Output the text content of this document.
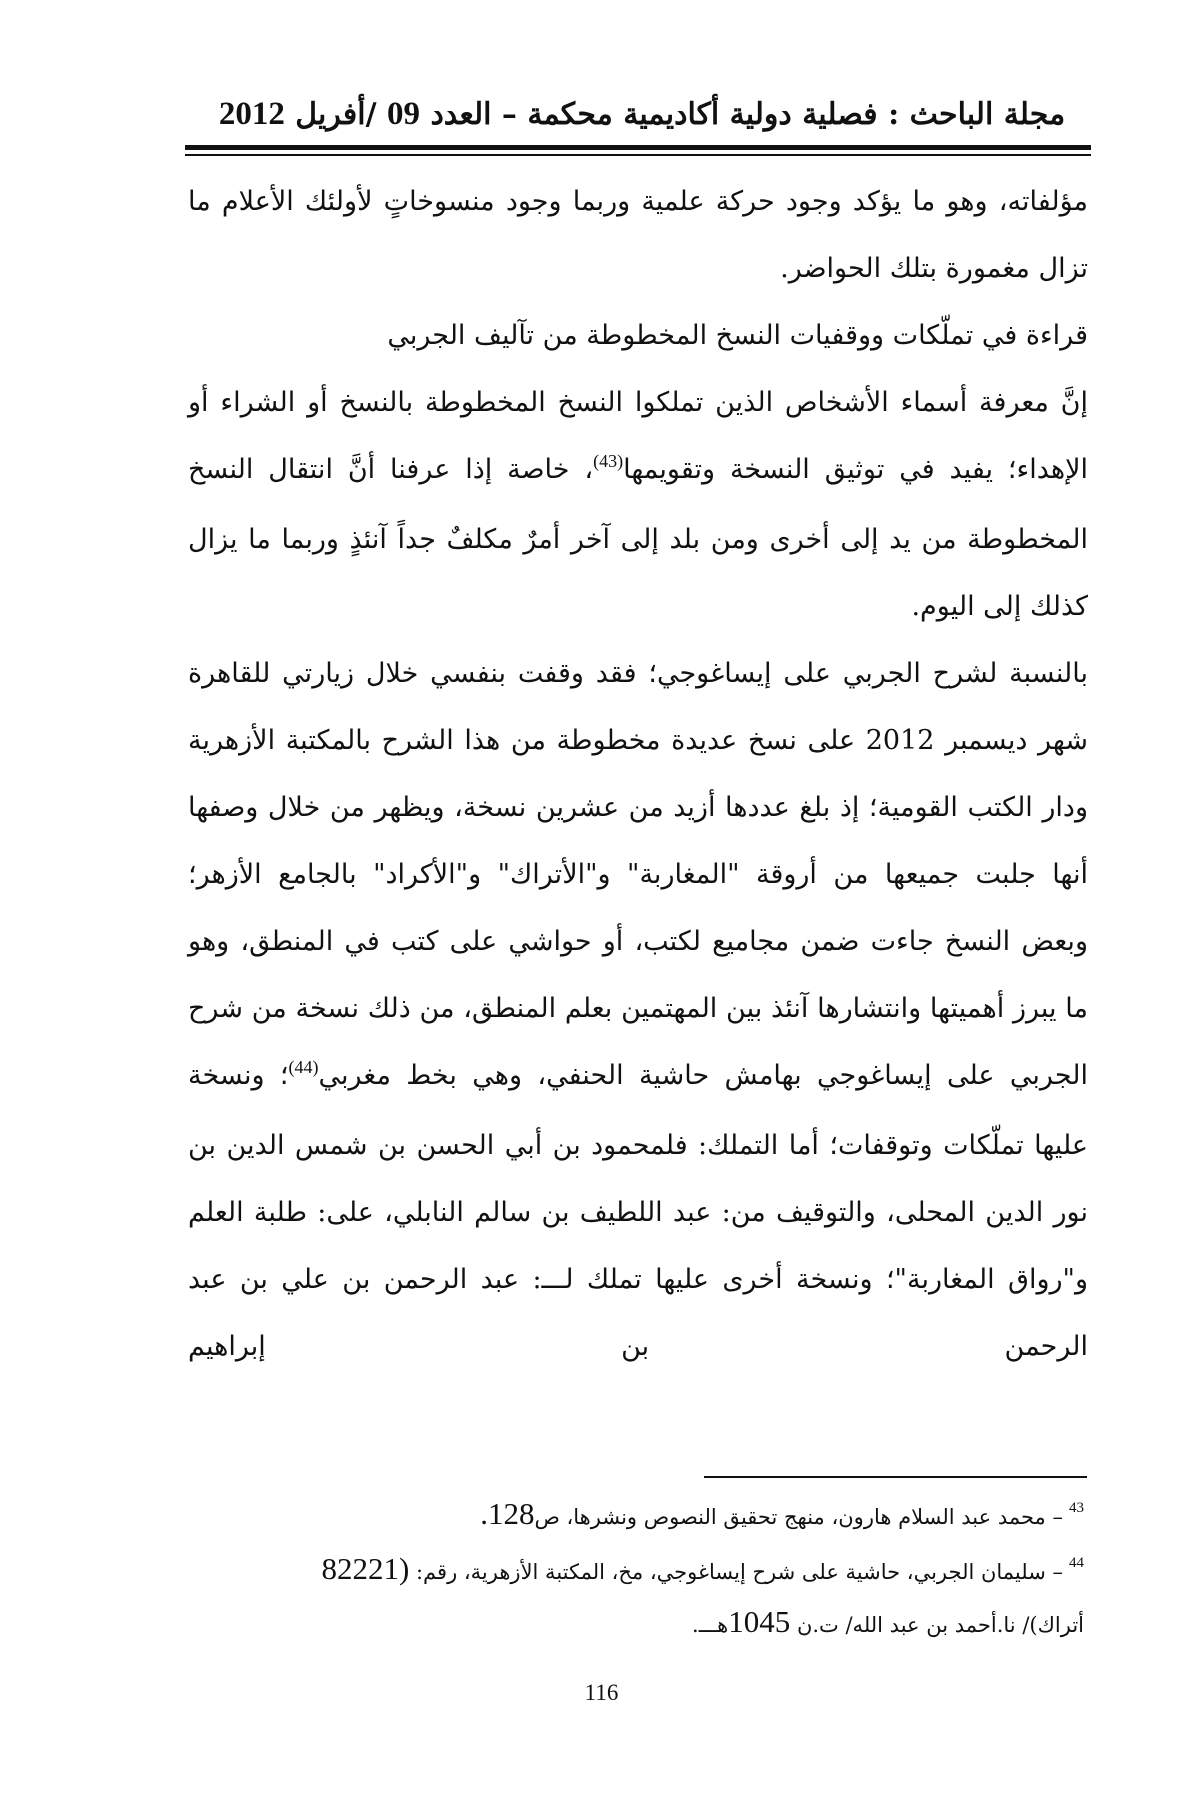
مجلة الباحث : فصلية دولية أكاديمية محكمة – العدد 09 /أفريل 2012

مؤلفاته، وهو ما يؤكد وجود حركة علمية وربما وجود منسوخاتٍ لأولئك الأعلام ما تزال مغمورة بتلك الحواضر.

قراءة في تملّكات ووقفيات النسخ المخطوطة من تآليف الجربي

إنَّ معرفة أسماء الأشخاص الذين تملكوا النسخ المخطوطة بالنسخ أو الشراء أو الإهداء؛ يفيد في توثيق النسخة وتقويمها$^{(43)}$، خاصة إذا عرفنا أنَّ انتقال النسخ المخطوطة من يد إلى أخرى ومن بلد إلى آخر أمرٌ مكلفٌ جداً آنئذٍ وربما ما يزال كذلك إلى اليوم.

بالنسبة لشرح الجربي على إيساغوجي؛ فقد وقفت بنفسي خلال زيارتي للقاهرة شهر ديسمبر 2012 على نسخ عديدة مخطوطة من هذا الشرح بالمكتبة الأزهرية ودار الكتب القومية؛ إذ بلغ عددها أزيد من عشرين نسخة، ويظهر من خلال وصفها أنها جلبت جميعها من أروقة "المغاربة" و"الأتراك" و"الأكراد" بالجامع الأزهر؛ وبعض النسخ جاءت ضمن مجاميع لكتب، أو حواشي على كتب في المنطق، وهو ما يبرز أهميتها وانتشارها آنئذ بين المهتمين بعلم المنطق، من ذلك نسخة من شرح الجربي على إيساغوجي بهامش حاشية الحنفي، وهي بخط مغربي$^{(44)}$؛ ونسخة عليها تملّكات وتوقفات؛ أما التملك: فلمحمود بن أبي الحسن بن شمس الدين بن نور الدين المحلى، والتوقيف من: عبد اللطيف بن سالم النابلي، على: طلبة العلم و"رواق المغاربة"؛ ونسخة أخرى عليها تملك لـــ: عبد الرحمن بن علي بن عبد الرحمن بن إبراهيم

$^{43}$– محمد عبد السلام هارون، منهج تحقيق النصوص ونشرها، ص128.
$^{44}$– سليمان الجربي، حاشية على شرح إيساغوجي، مخ، المكتبة الأزهرية، رقم: (82221
أتراك)/ نا.أحمد بن عبد الله/ ت.ن 1045هـــ.
116
